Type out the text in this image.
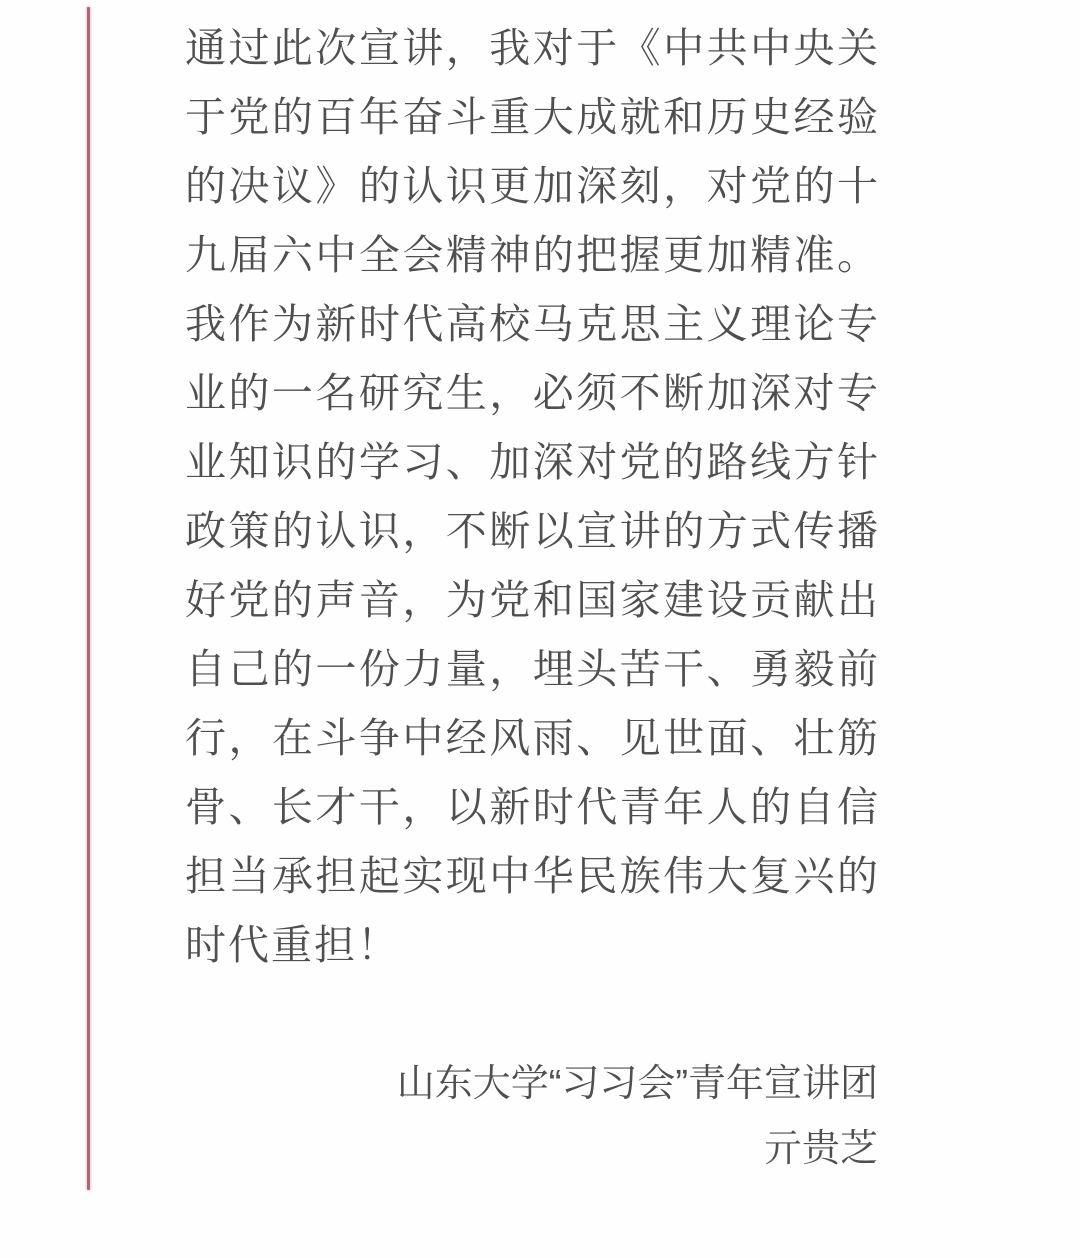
通过此次宣讲，我对于《中共中央关
于党的百年奋斗重大成就和历史经验
的决议》的认识更加深刻，对党的十
九届六中全会精神的把握更加精准。
我作为新时代高校马克思主义理论专
业的一名研究生，必须不断加深对专
业知识的学习、加深对党的路线方针
政策的认识，不断以宣讲的方式传播
好党的声音，为党和国家建设贡献出
自己的一份力量，埋头苦干、勇毅前
行，在斗争中经风雨、见世面、壮筋
骨、长才干，以新时代青年人的自信
担当承担起实现中华民族伟大复兴的
时代重担！
山东大学“习习会”青年宣讲团
亓贵芝
